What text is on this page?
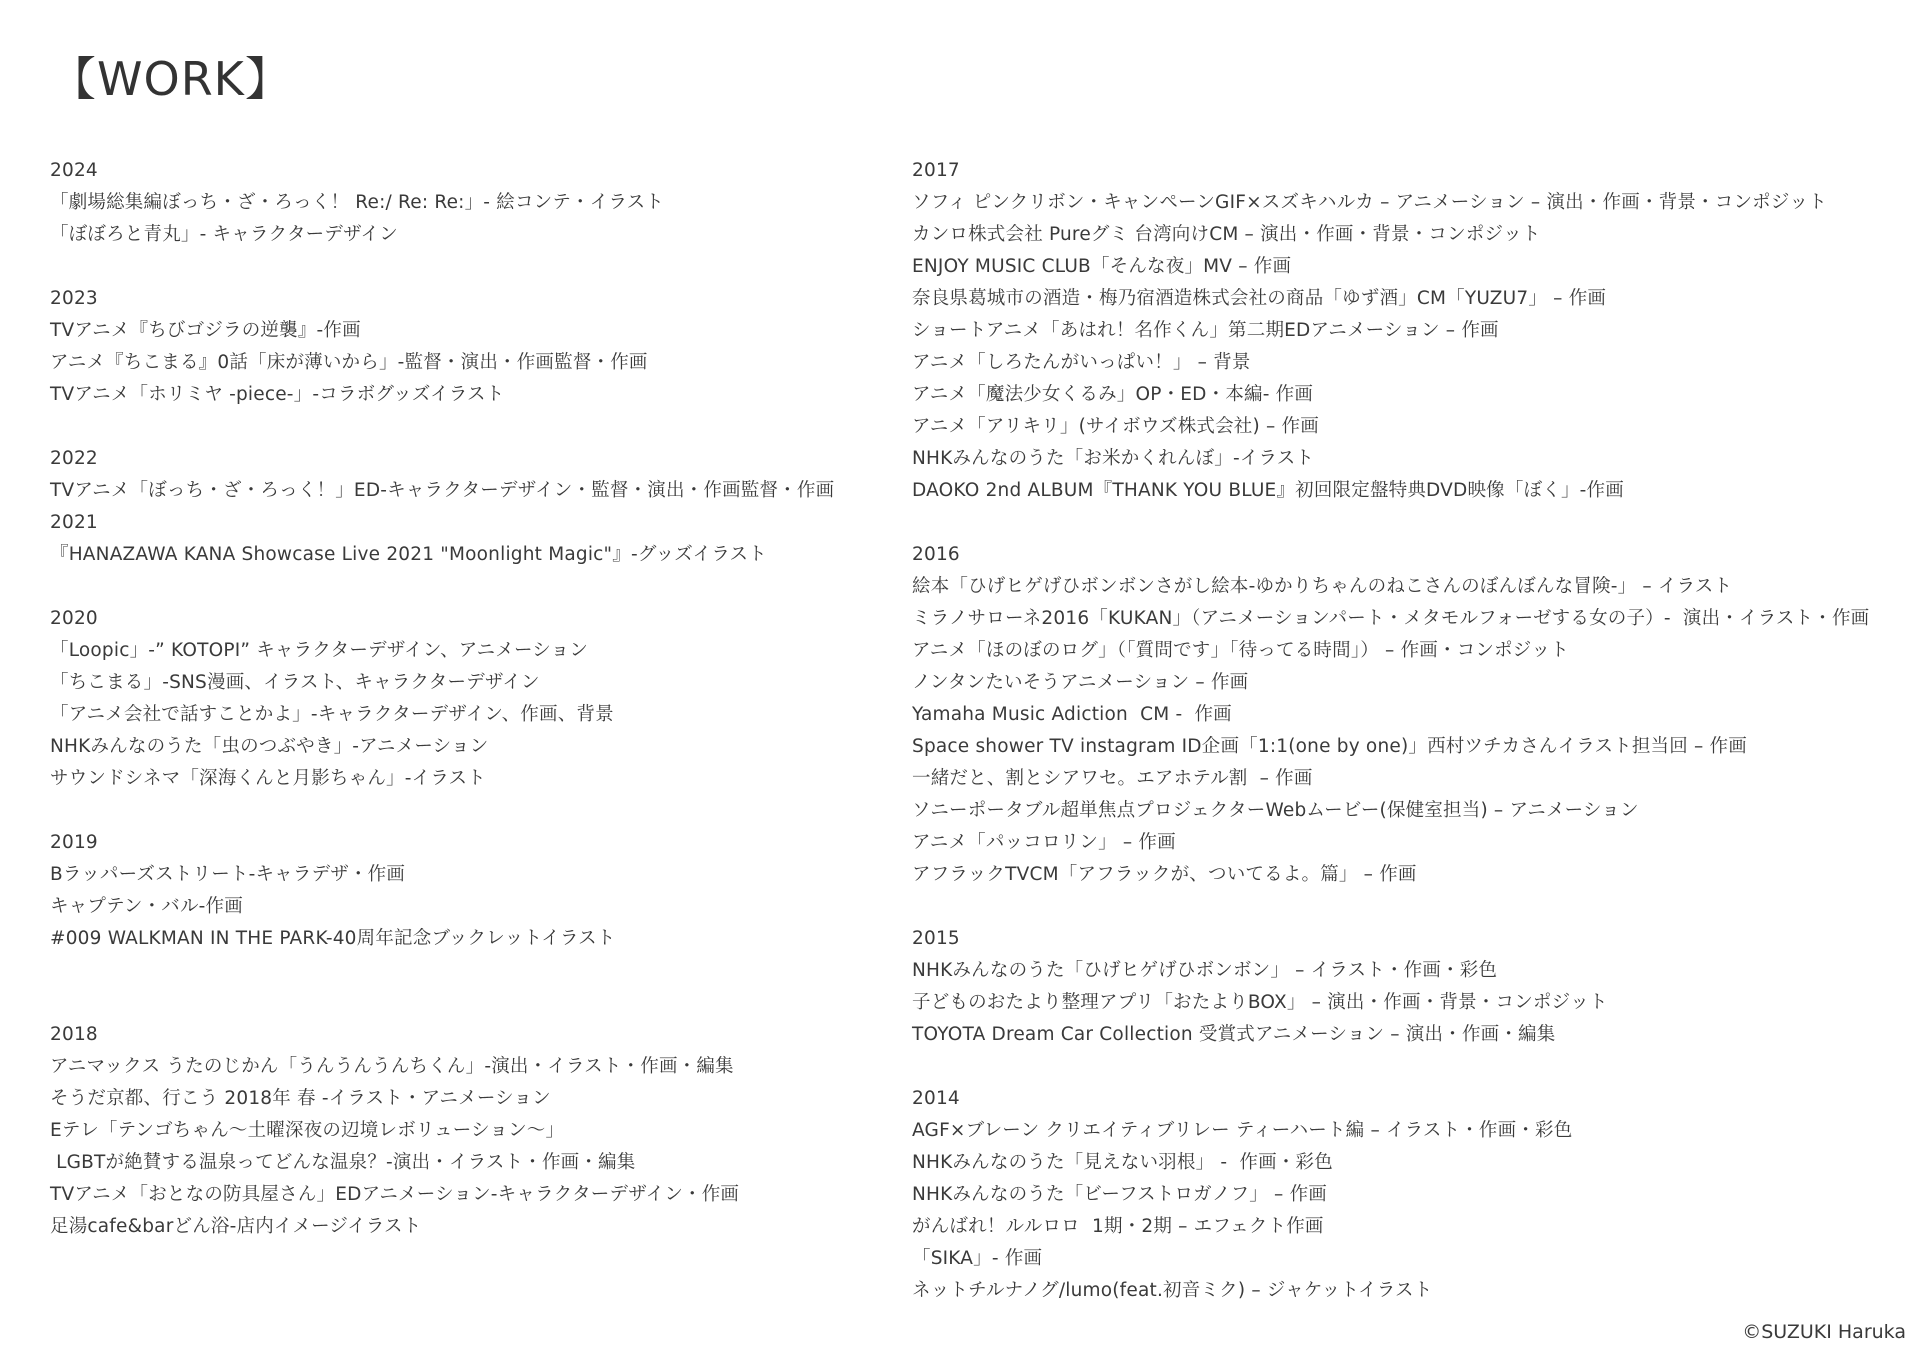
【WORK】
2024
「劇場総集編ぼっち・ざ・ろっく！ Re:/ Re: Re:」- 絵コンテ・イラスト
「ぼぼろと青丸」- キャラクターデザイン
2023
TVアニメ『ちびゴジラの逆襲』-作画
アニメ『ちこまる』0話「床が薄いから」-監督・演出・作画監督・作画
TVアニメ「ホリミヤ -piece-」-コラボグッズイラスト
2022
TVアニメ「ぼっち・ざ・ろっく！」ED-キャラクターデザイン・監督・演出・作画監督・作画
2021
『HANAZAWA KANA Showcase Live 2021 "Moonlight Magic"』-グッズイラスト
2020
「Loopic」-” KOTOPI” キャラクターデザイン、アニメーション
「ちこまる」-SNS漫画、イラスト、キャラクターデザイン
「アニメ会社で話すことかよ」-キャラクターデザイン、作画、背景
NHKみんなのうた「虫のつぶやき」-アニメーション
サウンドシネマ「深海くんと月影ちゃん」-イラスト
2019
Bラッパーズストリート-キャラデザ・作画
キャプテン・バル-作画
#009 WALKMAN IN THE PARK-40周年記念ブックレットイラスト
2018
アニマックス うたのじかん「うんうんうんちくん」-演出・イラスト・作画・編集
そうだ京都、行こう 2018年 春 -イラスト・アニメーション
Eテレ「テンゴちゃん〜土曜深夜の辺境レボリューション〜」
LGBTが絶賛する温泉ってどんな温泉？-演出・イラスト・作画・編集
TVアニメ「おとなの防具屋さん」EDアニメーション-キャラクターデザイン・作画
足湯cafe&barどん浴-店内イメージイラスト
2017
ソフィ ピンクリボン・キャンペーンGIF×スズキハルカ – アニメーション – 演出・作画・背景・コンポジット
カンロ株式会社 Pureグミ 台湾向けCM – 演出・作画・背景・コンポジット
ENJOY MUSIC CLUB「そんな夜」MV – 作画
奈良県葛城市の酒造・梅乃宿酒造株式会社の商品「ゆず酒」CM「YUZU7」 – 作画
ショートアニメ「あはれ！名作くん」第二期EDアニメーション – 作画
アニメ「しろたんがいっぱい！」 – 背景
アニメ「魔法少女くるみ」OP・ED・本編- 作画
アニメ「アリキリ」(サイボウズ株式会社) – 作画
NHKみんなのうた「お米かくれんぼ」-イラスト
DAOKO 2nd ALBUM『THANK YOU BLUE』初回限定盤特典DVD映像「ぼく」-作画
2016
絵本「ひげヒゲげひボンボンさがし絵本-ゆかりちゃんのねこさんのぼんぼんな冒険-」 – イラスト
ミラノサローネ2016「KUKAN」（アニメーションパート・メタモルフォーゼする女の子）-  演出・イラスト・作画
アニメ「ほのぼのログ」（「質問です」「待ってる時間」） – 作画・コンポジット
ノンタンたいそうアニメーション – 作画
Yamaha Music Adiction  CM -  作画
Space shower TV instagram ID企画「1:1(one by one)」西村ツチカさんイラスト担当回 – 作画
一緒だと、割とシアワセ。エアホテル割  – 作画
ソニーポータブル超単焦点プロジェクターWebムービー(保健室担当) – アニメーション
アニメ「パッコロリン」 – 作画
アフラックTVCM「アフラックが、ついてるよ。篇」 – 作画
2015
NHKみんなのうた「ひげヒゲげひボンボン」 – イラスト・作画・彩色
子どものおたより整理アプリ「おたよりBOX」 – 演出・作画・背景・コンポジット
TOYOTA Dream Car Collection 受賞式アニメーション – 演出・作画・編集
2014
AGF×ブレーン クリエイティブリレー ティーハート編 – イラスト・作画・彩色
NHKみんなのうた「見えない羽根」 -  作画・彩色
NHKみんなのうた「ビーフストロガノフ」 – 作画
がんばれ！ルルロロ  1期・2期 – エフェクト作画
「SIKA」- 作画
ネットチルナノグ/lumo(feat.初音ミク) – ジャケットイラスト
©SUZUKI Haruka
